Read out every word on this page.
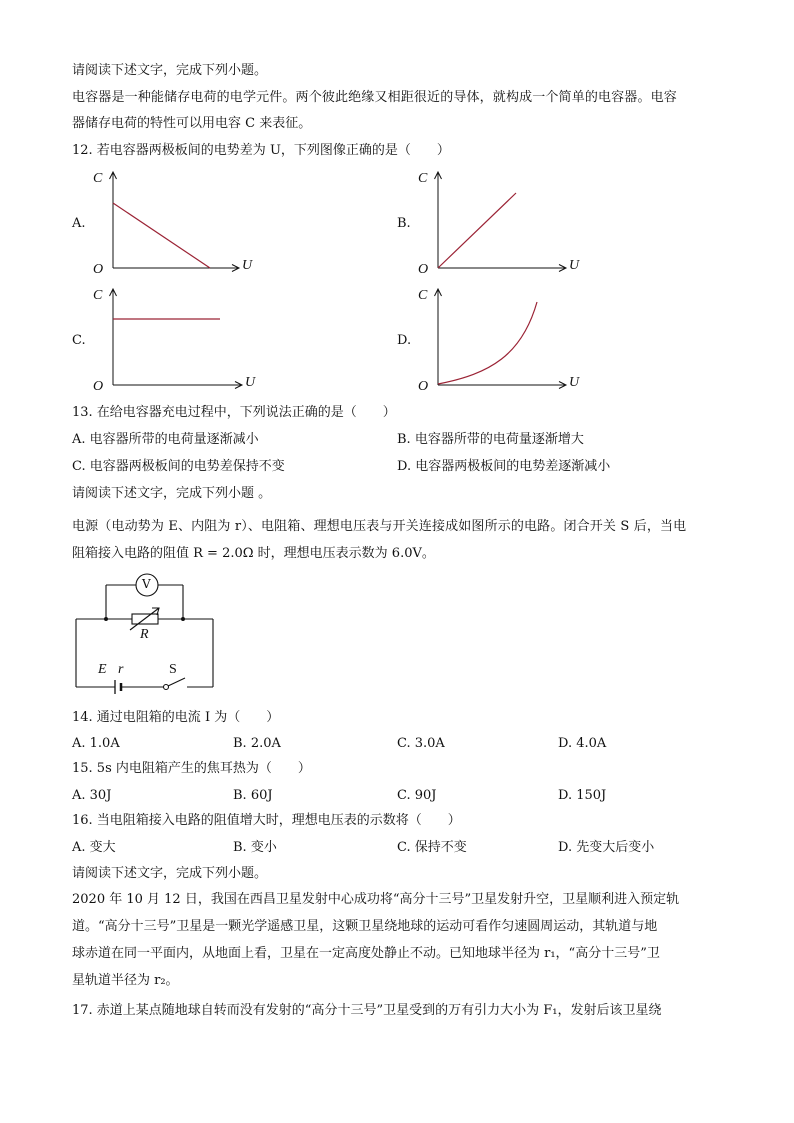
请阅读下述文字，完成下列小题。
电容器是一种能储存电荷的电学元件。两个彼此绝缘又相距很近的导体，就构成一个简单的电容器。电容
器储存电荷的特性可以用电容 C 来表征。
12. 若电容器两极板间的电势差为 U，下列图像正确的是（　　）
A.
C
U
O
B.
C
U
O
C.
C
U
O
D.
C
U
O
13. 在给电容器充电过程中，下列说法正确的是（　　）
A. 电容器所带的电荷量逐渐减小	B. 电容器所带的电荷量逐渐增大
C. 电容器两极板间的电势差保持不变	D. 电容器两极板间的电势差逐渐减小
请阅读下述文字，完成下列小题 。
电源（电动势为 E、内阻为 r）、电阻箱、理想电压表与开关连接成如图所示的电路。闭合开关 S 后，当电
阻箱接入电路的阻值 R = 2.0Ω 时，理想电压表示数为 6.0V。
V
R
E r	S
14. 通过电阻箱的电流 I 为（　　）
A. 1.0A	B. 2.0A	C. 3.0A	D. 4.0A
15. 5s 内电阻箱产生的焦耳热为（　　）
A. 30J	B. 60J	C. 90J	D. 150J
16. 当电阻箱接入电路的阻值增大时，理想电压表的示数将（　　）
A. 变大	B. 变小	C. 保持不变	D. 先变大后变小
请阅读下述文字，完成下列小题。
2020 年 10 月 12 日，我国在西昌卫星发射中心成功将“高分十三号”卫星发射升空，卫星顺利进入预定轨
道。“高分十三号”卫星是一颗光学遥感卫星，这颗卫星绕地球的运动可看作匀速圆周运动，其轨道与地
球赤道在同一平面内，从地面上看，卫星在一定高度处静止不动。已知地球半径为 r₁，“高分十三号”卫
星轨道半径为 r₂。
17. 赤道上某点随地球自转而没有发射的“高分十三号”卫星受到的万有引力大小为 F₁，发射后该卫星绕
